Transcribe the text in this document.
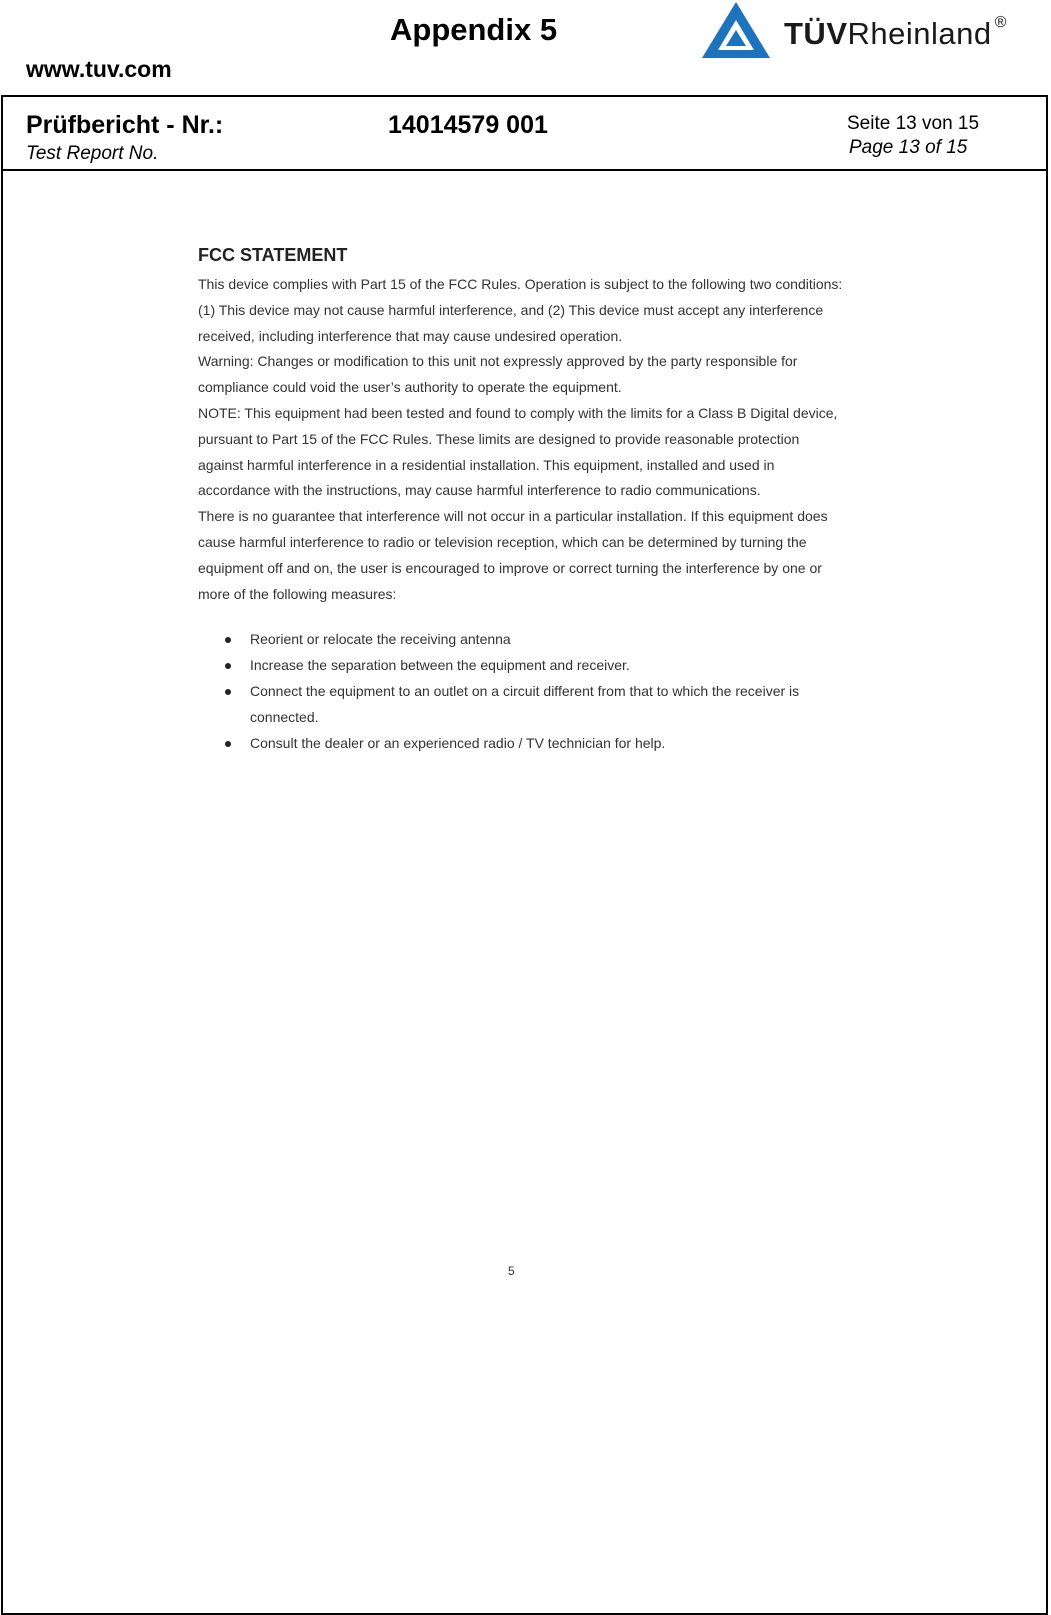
Appendix 5
www.tuv.com
TÜVRheinland ®
Prüfbericht - Nr.:
Test Report No.
14014579 001	Seite 13 von 15
Page 13 of 15
FCC STATEMENT
This device complies with Part 15 of the FCC Rules. Operation is subject to the following two conditions:
(1) This device may not cause harmful interference, and (2) This device must accept any interference
received, including interference that may cause undesired operation.
Warning: Changes or modification to this unit not expressly approved by the party responsible for
compliance could void the user’s authority to operate the equipment.
NOTE: This equipment had been tested and found to comply with the limits for a Class B Digital device,
pursuant to Part 15 of the FCC Rules. These limits are designed to provide reasonable protection
against harmful interference in a residential installation. This equipment, installed and used in
accordance with the instructions, may cause harmful interference to radio communications.
There is no guarantee that interference will not occur in a particular installation. If this equipment does
cause harmful interference to radio or television reception, which can be determined by turning the
equipment off and on, the user is encouraged to improve or correct turning the interference by one or
more of the following measures:
Reorient or relocate the receiving antenna
Increase the separation between the equipment and receiver.
Connect the equipment to an outlet on a circuit different from that to which the receiver is
connected.
Consult the dealer or an experienced radio / TV technician for help.
5
